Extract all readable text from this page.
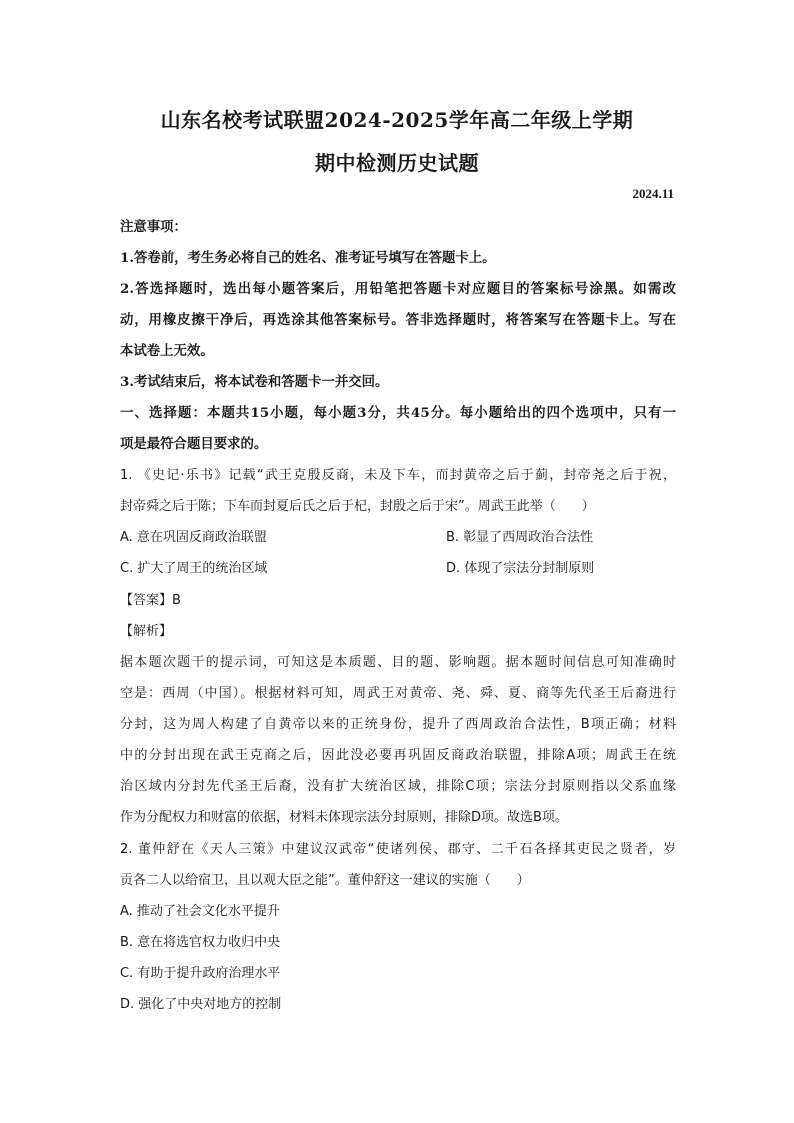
山东名校考试联盟2024-2025学年高二年级上学期
期中检测历史试题
2024.11
注意事项：
1.答卷前，考生务必将自己的姓名、准考证号填写在答题卡上。
2.答选择题时，选出每小题答案后，用铅笔把答题卡对应题目的答案标号涂黑。如需改
动，用橡皮擦干净后，再选涂其他答案标号。答非选择题时，将答案写在答题卡上。写在
本试卷上无效。
3.考试结束后，将本试卷和答题卡一并交回。
一、选择题：本题共15小题，每小题3分，共45分。每小题给出的四个选项中，只有一
项是最符合题目要求的。
1. 《史记·乐书》记载“武王克殷反商，未及下车，而封黄帝之后于蓟，封帝尧之后于祝，
封帝舜之后于陈；下车而封夏后氏之后于杞，封殷之后于宋”。周武王此举（　　）
A. 意在巩固反商政治联盟	B. 彰显了西周政治合法性
C. 扩大了周王的统治区域	D. 体现了宗法分封制原则
【答案】B
【解析】
据本题次题干的提示词，可知这是本质题、目的题、影响题。据本题时间信息可知准确时
空是：西周（中国）。根据材料可知，周武王对黄帝、尧、舜、夏、商等先代圣王后裔进行
分封，这为周人构建了自黄帝以来的正统身份，提升了西周政治合法性，B项正确；材料
中的分封出现在武王克商之后，因此没必要再巩固反商政治联盟，排除A项；周武王在统
治区域内分封先代圣王后裔，没有扩大统治区域，排除C项；宗法分封原则指以父系血缘
作为分配权力和财富的依据，材料未体现宗法分封原则，排除D项。故选B项。
2. 董仲舒在《天人三策》中建议汉武帝“使诸列侯、郡守、二千石各择其吏民之贤者，岁
贡各二人以给宿卫，且以观大臣之能”。董仲舒这一建议的实施（　　）
A. 推动了社会文化水平提升
B. 意在将选官权力收归中央
C. 有助于提升政府治理水平
D. 强化了中央对地方的控制
